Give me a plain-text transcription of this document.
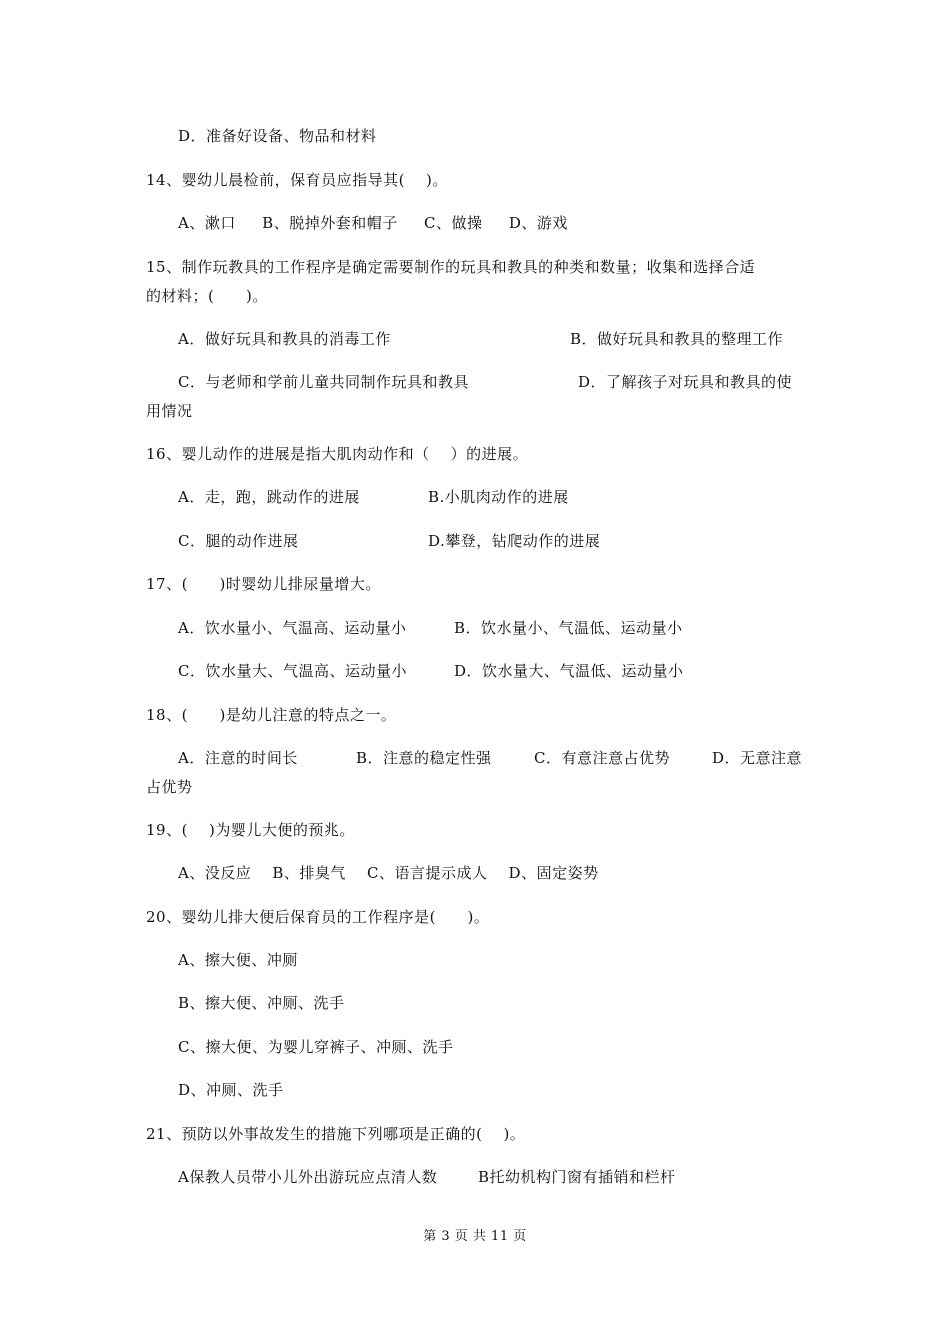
D．准备好设备、物品和材料
14、婴幼儿晨检前，保育员应指导其(    )。
A、漱口     B、脱掉外套和帽子     C、做操     D、游戏
15、制作玩教具的工作程序是确定需要制作的玩具和教具的种类和数量；收集和选择合适
的材料；(      )。
A．做好玩具和教具的消毒工作	B．做好玩具和教具的整理工作
C．与老师和学前儿童共同制作玩具和教具	D．了解孩子对玩具和教具的使
用情况
16、婴儿动作的进展是指大肌肉动作和（    ）的进展。
A．走，跑，跳动作的进展	B.小肌肉动作的进展
C．腿的动作进展	D.攀登，钻爬动作的进展
17、(      )时婴幼儿排尿量增大。
A．饮水量小、气温高、运动量小	B．饮水量小、气温低、运动量小
C．饮水量大、气温高、运动量小	D．饮水量大、气温低、运动量小
18、(      )是幼儿注意的特点之一。
A．注意的时间长	B．注意的稳定性强	C．有意注意占优势	D．无意注意
占优势
19、(    )为婴儿大便的预兆。
A、没反应    B、排臭气    C、语言提示成人    D、固定姿势
20、婴幼儿排大便后保育员的工作程序是(      )。
A、擦大便、冲厕
B、擦大便、冲厕、洗手
C、擦大便、为婴儿穿裤子、冲厕、洗手
D、冲厕、洗手
21、预防以外事故发生的措施下列哪项是正确的(    )。
A保教人员带小儿外出游玩应点清人数	B托幼机构门窗有插销和栏杆
第 3 页 共 11 页
